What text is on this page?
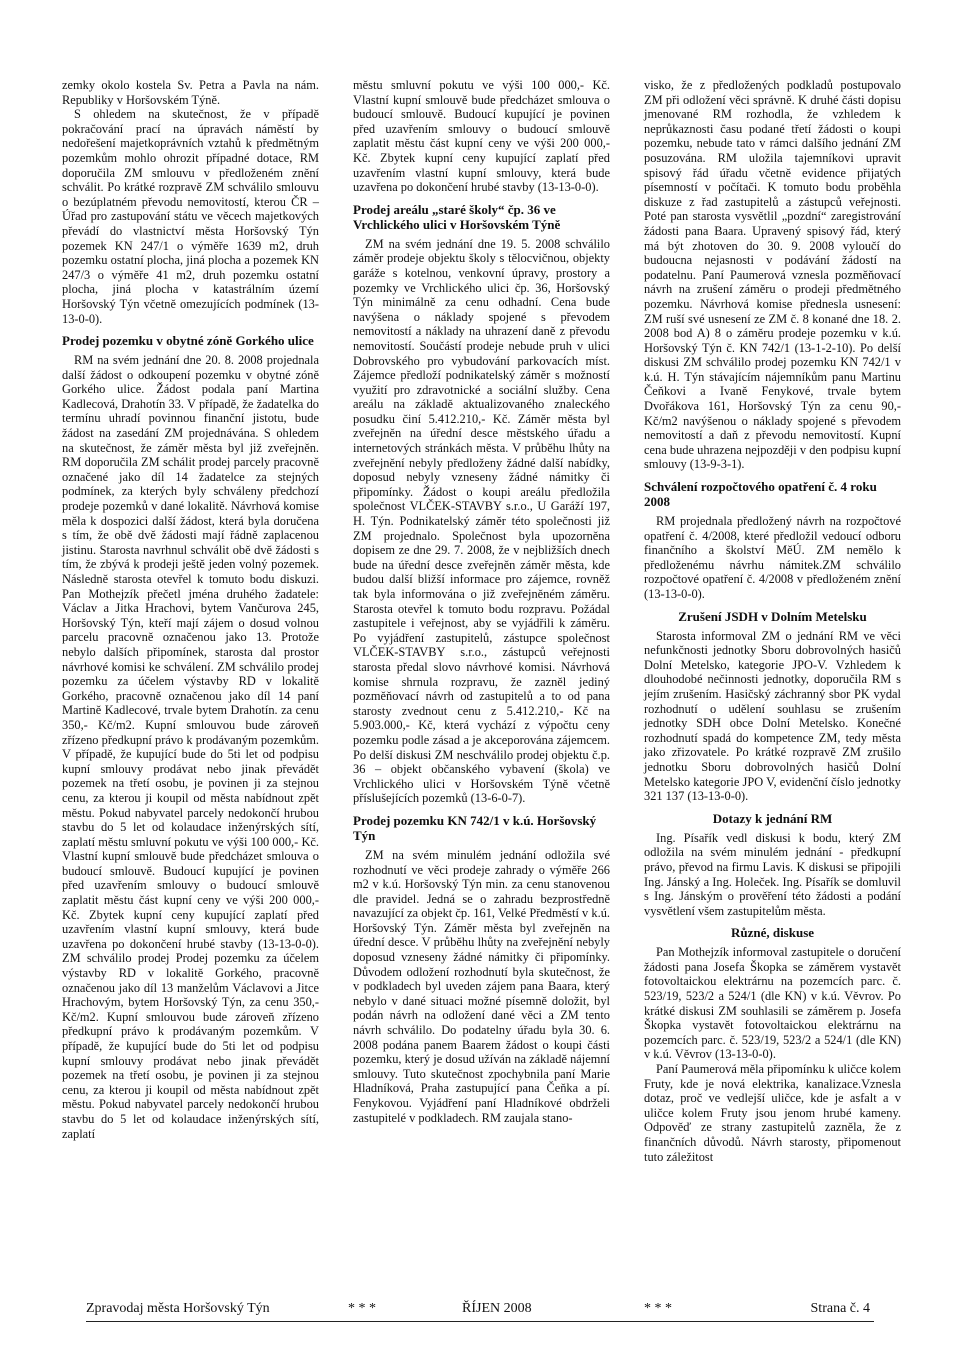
zemky okolo kostela Sv. Petra a Pavla na nám. Republiky v Horšovském Týně.

S ohledem na skutečnost, že v případě pokračování prací na úpravách náměstí by nedořešení majetkoprávních vztahů k předmětným pozemkům mohlo ohrozit případné dotace, RM doporučila ZM smlouvu v předloženém znění schválit. Po krátké rozpravě ZM schválilo smlouvu o bezúplatném převodu nemovitostí, kterou ČR – Úřad pro zastupování státu ve věcech majetkových převádí do vlastnictví města Horšovský Týn pozemek KN 247/1 o výměře 1639 m2, druh pozemku ostatní plocha, jiná plocha a pozemek KN 247/3 o výměře 41 m2, druh pozemku ostatní plocha, jiná plocha v katastrálním území Horšovský Týn včetně omezujících podmínek (13-13-0-0).

Prodej pozemku v obytné zóně Gorkého ulice

RM na svém jednání dne 20. 8. 2008 projednala další žádost o odkoupení pozemku v obytné zóně Gorkého ulice. Žádost podala paní Martina Kadlecová, Drahotín 33. V případě, že žadatelka do termínu uhradí povinnou finanční jistotu, bude žádost na zasedání ZM projednávána. S ohledem na skutečnost, že záměr města byl již zveřejněn. RM doporučila ZM schálit prodej parcely pracovně označené jako díl 14 žadatelce za stejných podmínek, za kterých byly schváleny předchozí prodeje pozemků v dané lokalitě. Návrhová komise měla k dospozici další žádost, která byla doručena s tím, že obě dvě žádosti mají řádně zaplacenou jistinu. Starosta navrhnul schválit obě dvě žádosti s tím, že zbývá k prodeji ještě jeden volný pozemek. Následně starosta otevřel k tomuto bodu diskuzi. Pan Mothejzík přečetl jména druhého žadatele: Václav a Jitka Hrachovi, bytem Vančurova 245, Horšovský Týn, kteří mají zájem o dosud volnou parcelu pracovně označenou jako 13. Protože nebylo dalších připomínek, starosta dal prostor návrhové komisi ke schválení. ZM schválilo prodej pozemku za účelem výstavby RD v lokalitě Gorkého, pracovně označenou jako díl 14 paní Martině Kadlecové, trvale bytem Drahotín. za cenu 350,- Kč/m2. Kupní smlouvou bude zároveň zřízeno předkupní právo k prodávaným pozemkům. V případě, že kupující bude do 5ti let od podpisu kupní smlouvy prodávat nebo jinak převádět pozemek na třetí osobu, je povinen ji za stejnou cenu, za kterou ji koupil od města nabídnout zpět městu. Pokud nabyvatel parcely nedokončí hrubou stavbu do 5 let od kolaudace inženýrských sítí, zaplatí městu smluvní pokutu ve výši 100 000,- Kč. Vlastní kupní smlouvě bude předcházet smlouva o budoucí smlouvě. Budoucí kupující je povinen před uzavřením smlouvy o budoucí smlouvě zaplatit městu část kupní ceny ve výši 200 000,- Kč. Zbytek kupní ceny kupující zaplatí před uzavřením vlastní kupní smlouvy, která bude uzavřena po dokončení hrubé stavby (13-13-0-0). ZM schválilo prodej Prodej pozemku za účelem výstavby RD v lokalitě Gorkého, pracovně označenou jako díl 13 manželům Václavovi a Jitce Hrachovým, bytem Horšovský Týn, za cenu 350,- Kč/m2. Kupní smlouvou bude zároveň zřízeno předkupní právo k prodávaným pozemkům. V případě, že kupující bude do 5ti let od podpisu kupní smlouvy prodávat nebo jinak převádět pozemek na třetí osobu, je povinen ji za stejnou cenu, za kterou ji koupil od města nabídnout zpět městu. Pokud nabyvatel parcely nedokončí hrubou stavbu do 5 let od kolaudace inženýrských sítí, zaplatí

městu smluvní pokutu ve výši 100 000,- Kč. Vlastní kupní smlouvě bude předcházet smlouva o budoucí smlouvě. Budoucí kupující je povinen před uzavřením smlouvy o budoucí smlouvě zaplatit městu část kupní ceny ve výši 200 000,- Kč. Zbytek kupní ceny kupující zaplatí před uzavřením vlastní kupní smlouvy, která bude uzavřena po dokončení hrubé stavby (13-13-0-0).

Prodej areálu „staré školy“ čp. 36 ve Vrchlického ulici v Horšovském Týně

ZM na svém jednání dne 19. 5. 2008 schválilo záměr prodeje objektu školy s tělocvičnou, objekty garáže s kotelnou, venkovní úpravy, prostory a pozemky ve Vrchlického ulici čp. 36, Horšovský Týn minimálně za cenu odhadní. Cena bude navýšena o náklady spojené s převodem nemovitostí a náklady na uhrazení daně z převodu nemovitostí. Součástí prodeje nebude pruh v ulici Dobrovského pro vybudování parkovacích míst. Zájemce předloží podnikatelský záměr s možností využití pro zdravotnické a sociální služby. Cena areálu na základě aktualizovaného znaleckého posudku činí 5.412.210,- Kč. Záměr města byl zveřejněn na úřední desce městského úřadu a internetových stránkách města. V průběhu lhůty na zveřejnění nebyly předloženy žádné další nabídky, doposud nebyly vzneseny žádné námitky či připomínky. Žádost o koupi areálu předložila společnost VLČEK-STAVBY s.r.o., U Garáží 197, H. Týn. Podnikatelský záměr této společnosti již ZM projednalo. Společnost byla upozorněna dopisem ze dne 29. 7. 2008, že v nejbližších dnech bude na úřední desce zveřejněn záměr města, kde budou další bližší informace pro zájemce, rovněž tak byla informována o již zveřejněném záměru. Starosta otevřel k tomuto bodu rozpravu. Požádal zastupitele i veřejnost, aby se vyjádřili k záměru. Po vyjádření zastupitelů, zástupce společnost VLČEK-STAVBY s.r.o., zástupců veřejnosti starosta předal slovo návrhové komisi. Návrhová komise shrnula rozpravu, že zazněl jediný pozměňovací návrh od zastupitelů a to od pana starosty zvednout cenu z 5.412.210,- Kč na 5.903.000,- Kč, která vychází z výpočtu ceny pozemku podle zásad a je akceporována zájemcem. Po delší diskusi ZM neschválilo prodej objektu č.p. 36 – objekt občanského vybavení (škola) ve Vrchlického ulici v Horšovském Týně včetně příslušejících pozemků (13-6-0-7).

Prodej pozemku KN 742/1 v k.ú. Horšovský Týn

ZM na svém minulém jednání odložila své rozhodnutí ve věci prodeje zahrady o výměře 266 m2 v k.ú. Horšovský Týn min. za cenu stanovenou dle pravidel. Jedná se o zahradu bezprostředně navazující za objekt čp. 161, Velké Předměstí v k.ú. Horšovský Týn. Záměr města byl zveřejněn na úřední desce. V průběhu lhůty na zveřejnění nebyly doposud vzneseny žádné námitky či připomínky. Důvodem odložení rozhodnutí byla skutečnost, že v podkladech byl uveden zájem pana Baara, který nebylo v dané situaci možné písemně doložit, byl podán návrh na odložení dané věci a ZM tento návrh schválilo. Do podatelny úřadu byla 30. 6. 2008 podána panem Baarem žádost o koupi části pozemku, který je dosud užíván na základě nájemní smlouvy. Tuto skutečnost zpochybnila paní Marie Hladníková, Praha zastupující pana Čeňka a pí. Fenykovou. Vyjádření paní Hladníkové obdrželi zastupitelé v podkladech. RM zaujala stano-

visko, že z předložených podkladů postupovalo ZM při odložení věci správně. K druhé části dopisu jmenované RM rozhodla, že vzhledem k neprůkaznosti času podané třetí žádosti o koupi pozemku, nebude tato v rámci dalšího jednání ZM posuzována. RM uložila tajemníkovi upravit spisový řád úřadu včetně evidence přijatých písemností v počítači. K tomuto bodu proběhla diskuze z řad zastupitelů a zástupců veřejnosti. Poté pan starosta vysvětlil „pozdní“ zaregistrování žádosti pana Baara. Upravený spisový řád, který má být zhotoven do 30. 9. 2008 vyloučí do budoucna nejasnosti v podávání žádostí na podatelnu. Paní Paumerová vznesla pozměňovací návrh na zrušení záměru o prodeji předmětného pozemku. Návrhová komise přednesla usnesení: ZM ruší své usnesení ze ZM č. 8 konané dne 18. 2. 2008 bod A) 8 o záměru prodeje pozemku v k.ú. Horšovský Týn č. KN 742/1 (13-1-2-10). Po delší diskusi ZM schválilo prodej pozemku KN 742/1 v k.ú. H. Týn stávajícím nájemníkům panu Martinu Čeňkovi a Ivaně Fenykové, trvale bytem Dvořákova 161, Horšovský Týn za cenu 90,- Kč/m2 navýšenou o náklady spojené s převodem nemovitostí a daň z převodu nemovitostí. Kupní cena bude uhrazena nejpozději v den podpisu kupní smlouvy (13-9-3-1).

Schválení rozpočtového opatření č. 4 roku 2008

RM projednala předložený návrh na rozpočtové opatření č. 4/2008, které předložil vedoucí odboru finančního a školství MěÚ. ZM nemělo k předloženému návrhu námitek.ZM schválilo rozpočtové opatření č. 4/2008 v předloženém znění (13-13-0-0).

Zrušení JSDH v Dolním Metelsku

Starosta informoval ZM o jednání RM ve věci nefunkčnosti jednotky Sboru dobrovolných hasičů Dolní Metelsko, kategorie JPO-V. Vzhledem k dlouhodobé nečinnosti jednotky, doporučila RM s jejím zrušením. Hasičský záchranný sbor PK vydal rozhodnutí o udělení souhlasu se zrušením jednotky SDH obce Dolní Metelsko. Konečné rozhodnutí spadá do kompetence ZM, tedy města jako zřizovatele. Po krátké rozpravě ZM zrušilo jednotku Sboru dobrovolných hasičů Dolní Metelsko kategorie JPO V, evidenční číslo jednotky 321 137 (13-13-0-0).

Dotazy k jednání RM

Ing. Písařík vedl diskusi k bodu, který ZM odložila na svém minulém jednání - předkupní právo, převod na firmu Lavis. K diskusi se připojili Ing. Jánský a Ing. Holeček. Ing. Písařík se domluvil s Ing. Jánským o prověření této žádosti a podání vysvětlení všem zastupitelům města.

Různé, diskuse

Pan Mothejzík informoval zastupitele o doručení žádosti pana Josefa Škopka se záměrem vystavět fotovoltaickou elektrárnu na pozemcích parc. č. 523/19, 523/2 a 524/1 (dle KN) v k.ú. Věvrov. Po krátké diskusi ZM souhlasili se záměrem p. Josefa Škopka vystavět fotovoltaickou elektrárnu na pozemcích parc. č. 523/19, 523/2 a 524/1 (dle KN) v k.ú. Věvrov (13-13-0-0).

Paní Paumerová měla připomínku k uličce kolem Fruty, kde je nová elektrika, kanalizace.Vznesla dotaz, proč ve vedlejší uličce, kde je asfalt a v uličce kolem Fruty jsou jenom hrubé kameny. Odpověď ze strany zastupitelů zazněla, že z finančních důvodů. Návrh starosty, připomenout tuto záležitost

Zpravodaj města Horšovský Týn	* * *	ŘÍJEN 2008	* * *	Strana č. 4
